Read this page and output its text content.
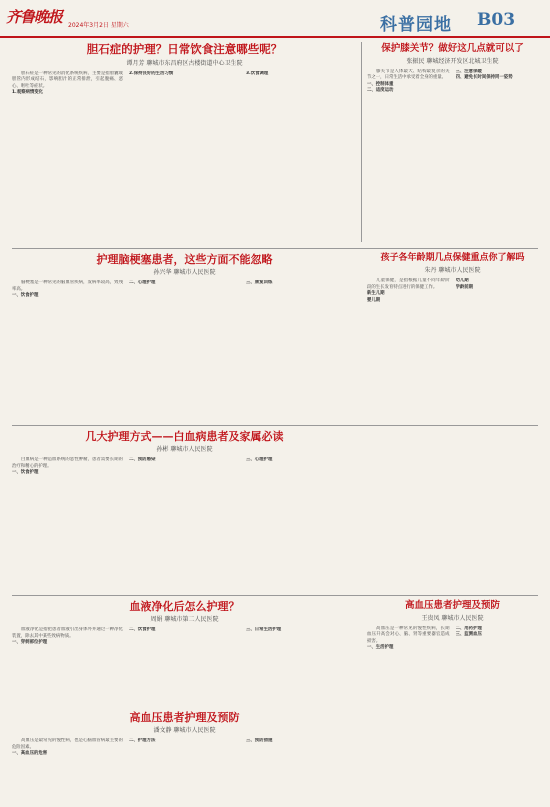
齐鲁晚报 2024年3月2日 星期六	科普园地 B03
胆石症的护理？日常饮食注意哪些呢？
谭月芳 聊城市东昌府区古楼街道中心卫生院

胆石症是一种常见的消化系统疾病，主要是指胆囊或胆管内形成结石，影响胆汁的正常排泄，引起腹痛、恶心、呕吐等症状。

1.观察病情变化

2.保持良好的生活习惯	3.饮食调理

保护膝关节？做好这几点就可以了
张振民 聊城经济开发区北城卫生院

膝关节是人体最大、结构最复杂的关节之一，日常生活中承受着全身的重量。

一、控制体重

二、适度运动

三、注意保暖

四、避免长时间保持同一姿势

护理脑梗塞患者，这些方面不能忽略
孙兴华 聊城市人民医院

脑梗塞是一种常见的脑血管疾病，发病率较高，致残率高。

一、饮食护理

二、心理护理	三、康复训练

孩子各年龄期几点保健重点你了解吗
朱丹 聊城市人民医院

儿童保健，是指根据儿童不同年龄阶段的生长发育特点进行的保健工作。

新生儿期

婴儿期

幼儿期

学龄前期

几大护理方式——白血病患者及家属必读
孙彬 聊城市人民医院

白血病是一种造血系统的恶性肿瘤，患者需要长期的治疗和精心的护理。

一、饮食护理

二、预防感染	三、心理护理

血液净化后怎么护理？
周娟 聊城市第二人民医院

血液净化是指把患者血液引出身体外并通过一种净化装置，除去其中某些致病物质。

一、穿刺部位护理

二、饮食护理	三、日常生活护理

高血压患者护理及预防
潘文静 聊城市人民医院

高血压是最常见的慢性病，也是心脑血管病最主要的危险因素。

一、高血压的危害

二、护理方法	三、预防措施

高血压患者护理及预防
王贵凤 聊城市人民医院

高血压是一种常见的慢性疾病，长期血压升高会对心、脑、肾等重要器官造成损害。

一、生活护理

二、用药护理

三、监测血压
